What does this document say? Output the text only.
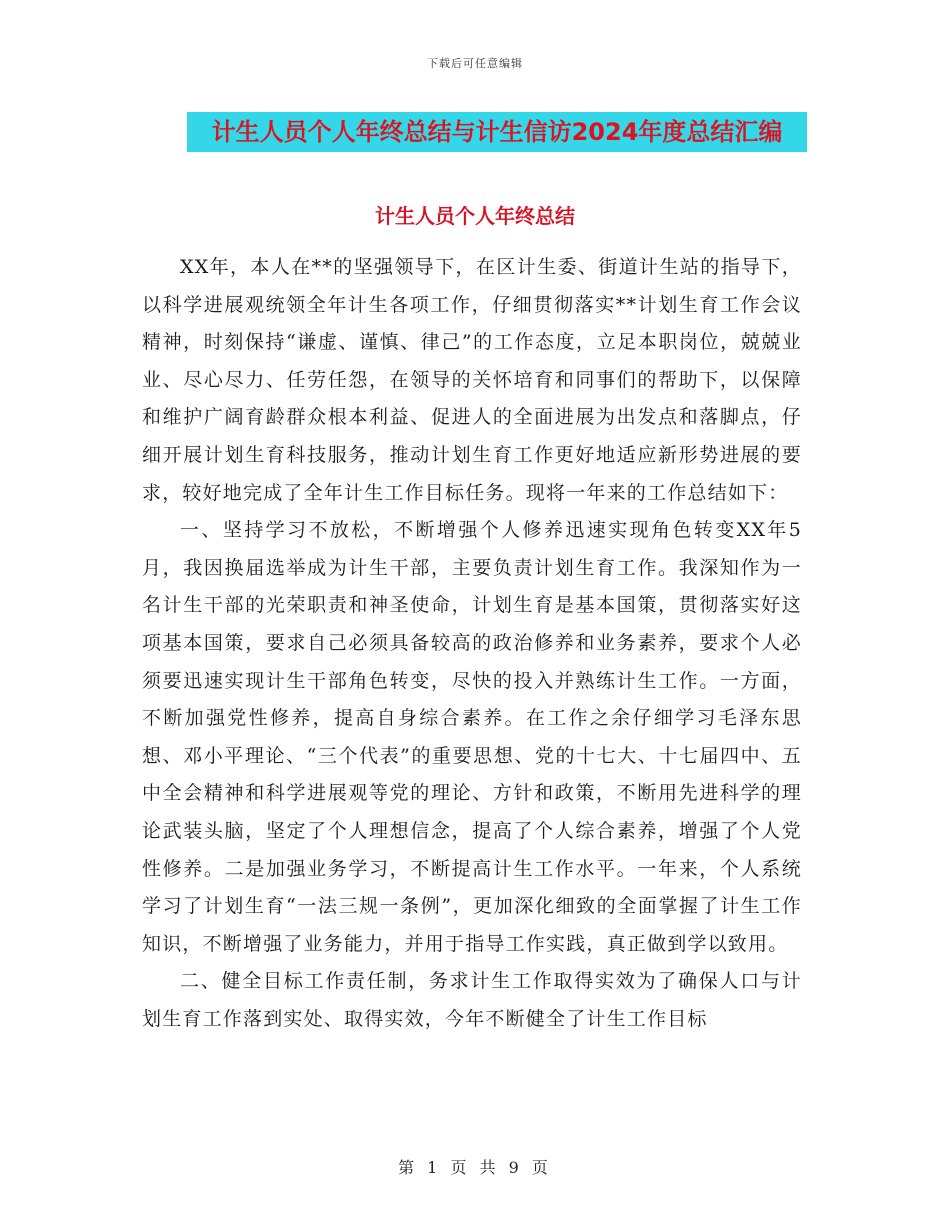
下载后可任意编辑
计生人员个人年终总结与计生信访2024年度总结汇编
计生人员个人年终总结

XX年，本人在**的坚强领导下，在区计生委、街道计生站的指导下，以科学进展观统领全年计生各项工作，仔细贯彻落实**计划生育工作会议精神，时刻保持“谦虚、谨慎、律己”的工作态度，立足本职岗位，兢兢业业、尽心尽力、任劳任怨，在领导的关怀培育和同事们的帮助下，以保障和维护广阔育龄群众根本利益、促进人的全面进展为出发点和落脚点，仔细开展计划生育科技服务，推动计划生育工作更好地适应新形势进展的要求，较好地完成了全年计生工作目标任务。现将一年来的工作总结如下：

一、坚持学习不放松，不断增强个人修养迅速实现角色转变XX年5月，我因换届选举成为计生干部，主要负责计划生育工作。我深知作为一名计生干部的光荣职责和神圣使命，计划生育是基本国策，贯彻落实好这项基本国策，要求自己必须具备较高的政治修养和业务素养，要求个人必须要迅速实现计生干部角色转变，尽快的投入并熟练计生工作。一方面，不断加强党性修养，提高自身综合素养。在工作之余仔细学习毛泽东思想、邓小平理论、“三个代表”的重要思想、党的十七大、十七届四中、五中全会精神和科学进展观等党的理论、方针和政策，不断用先进科学的理论武装头脑，坚定了个人理想信念，提高了个人综合素养，增强了个人党性修养。二是加强业务学习，不断提高计生工作水平。一年来，个人系统学习了计划生育“一法三规一条例”，更加深化细致的全面掌握了计生工作知识，不断增强了业务能力，并用于指导工作实践，真正做到学以致用。

二、健全目标工作责任制，务求计生工作取得实效为了确保人口与计划生育工作落到实处、取得实效，今年不断健全了计生工作目标

第 1 页 共 9 页
